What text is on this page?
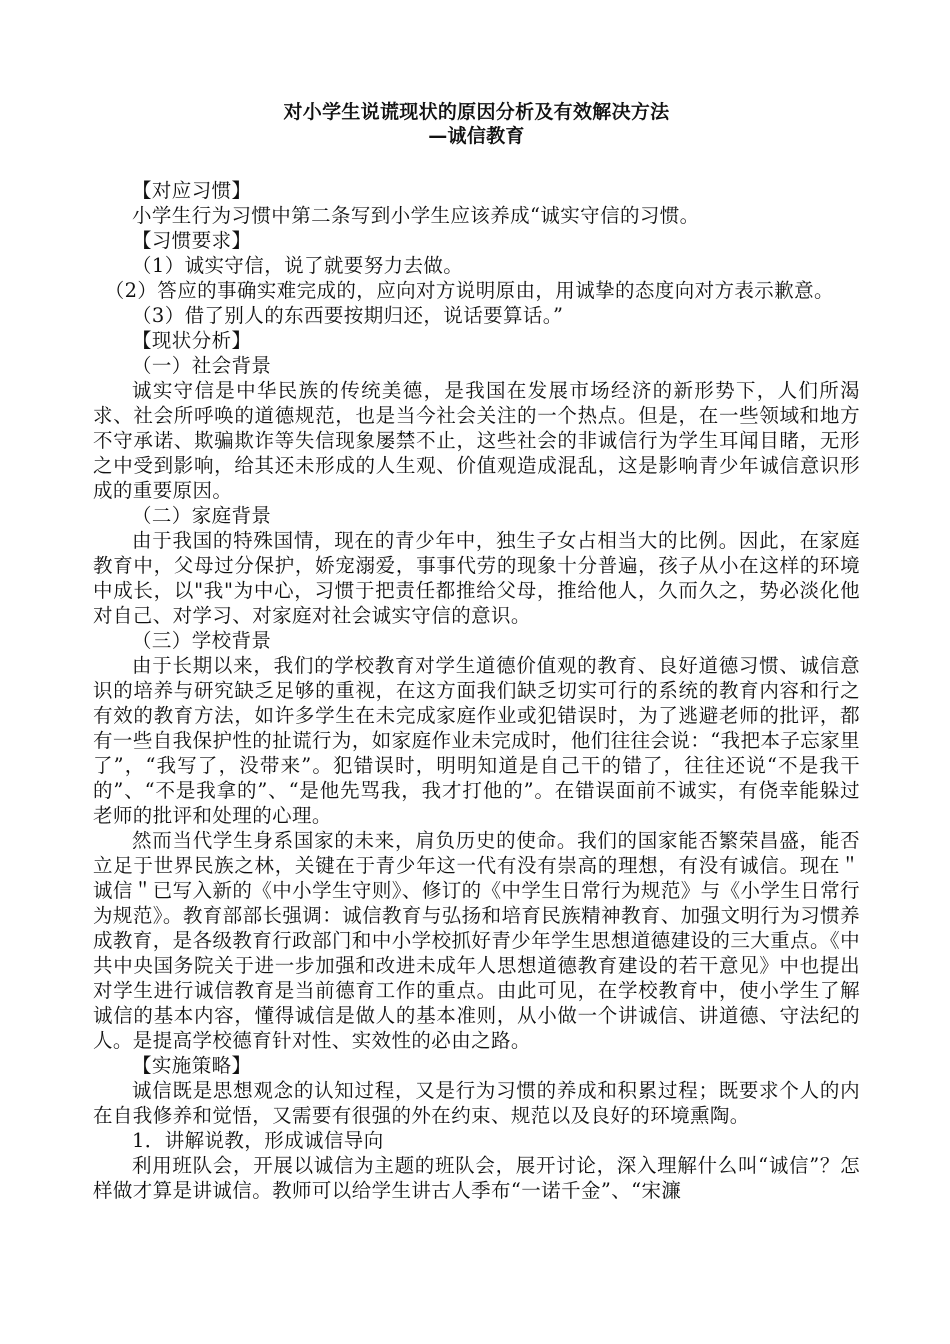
对小学生说谎现状的原因分析及有效解决方法
—诚信教育

【对应习惯】

小学生行为习惯中第二条写到小学生应该养成“诚实守信的习惯。

【习惯要求】

（1）诚实守信，说了就要努力去做。

（2）答应的事确实难完成的，应向对方说明原由，用诚挚的态度向对方表示歉意。

（3）借了别人的东西要按期归还，说话要算话。”

【现状分析】

（一）社会背景

诚实守信是中华民族的传统美德，是我国在发展市场经济的新形势下，人们所渴求、社会所呼唤的道德规范，也是当今社会关注的一个热点。但是，在一些领域和地方不守承诺、欺骗欺诈等失信现象屡禁不止，这些社会的非诚信行为学生耳闻目睹，无形之中受到影响，给其还未形成的人生观、价值观造成混乱，这是影响青少年诚信意识形成的重要原因。

（二）家庭背景

由于我国的特殊国情，现在的青少年中，独生子女占相当大的比例。因此，在家庭教育中，父母过分保护，娇宠溺爱，事事代劳的现象十分普遍，孩子从小在这样的环境中成长，以"我"为中心，习惯于把责任都推给父母，推给他人，久而久之，势必淡化他对自己、对学习、对家庭对社会诚实守信的意识。

（三）学校背景

由于长期以来，我们的学校教育对学生道德价值观的教育、良好道德习惯、诚信意识的培养与研究缺乏足够的重视，在这方面我们缺乏切实可行的系统的教育内容和行之有效的教育方法，如许多学生在未完成家庭作业或犯错误时，为了逃避老师的批评，都有一些自我保护性的扯谎行为，如家庭作业未完成时，他们往往会说：“我把本子忘家里了”，“我写了，没带来”。犯错误时，明明知道是自己干的错了，往往还说“不是我干的”、“不是我拿的”、“是他先骂我，我才打他的”。在错误面前不诚实，有侥幸能躲过老师的批评和处理的心理。

然而当代学生身系国家的未来，肩负历史的使命。我们的国家能否繁荣昌盛，能否立足于世界民族之林，关键在于青少年这一代有没有崇高的理想，有没有诚信。现在＂诚信＂已写入新的《中小学生守则》、修订的《中学生日常行为规范》与《小学生日常行为规范》。教育部部长强调：诚信教育与弘扬和培育民族精神教育、加强文明行为习惯养成教育，是各级教育行政部门和中小学校抓好青少年学生思想道德建设的三大重点。《中共中央国务院关于进一步加强和改进未成年人思想道德教育建设的若干意见》中也提出对学生进行诚信教育是当前德育工作的重点。由此可见，在学校教育中，使小学生了解诚信的基本内容，懂得诚信是做人的基本准则，从小做一个讲诚信、讲道德、守法纪的人。是提高学校德育针对性、实效性的必由之路。

【实施策略】

诚信既是思想观念的认知过程，又是行为习惯的养成和积累过程；既要求个人的内在自我修养和觉悟，又需要有很强的外在约束、规范以及良好的环境熏陶。

1．讲解说教，形成诚信导向

利用班队会，开展以诚信为主题的班队会，展开讨论，深入理解什么叫“诚信”？怎样做才算是讲诚信。教师可以给学生讲古人季布“一诺千金”、“宋濂
